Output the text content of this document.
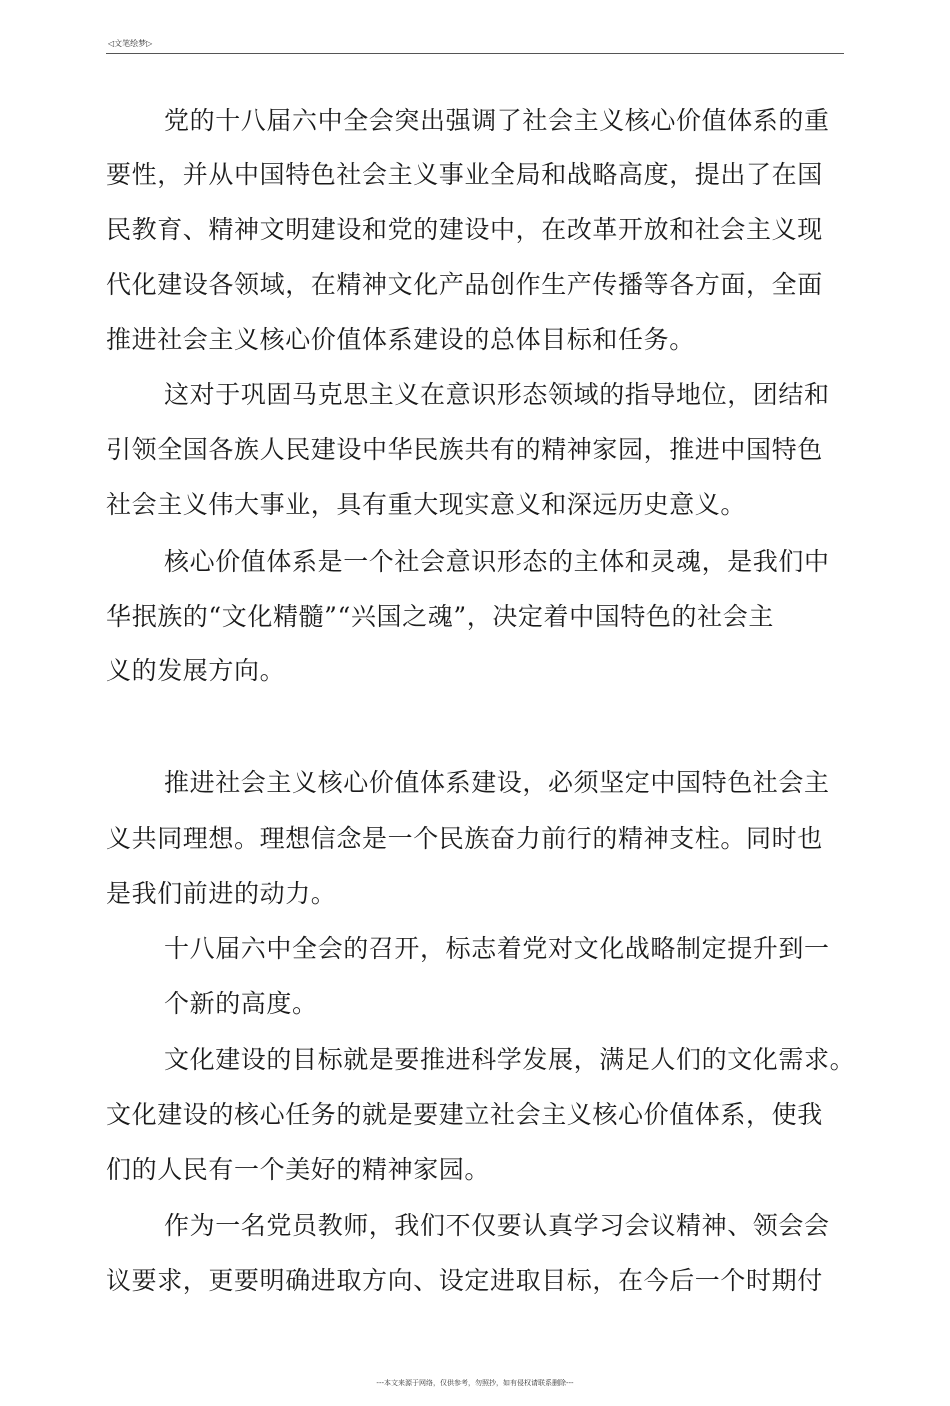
◁文笔绘梦▷
党的十八届六中全会突出强调了社会主义核心价值体系的重
要性，并从中国特色社会主义事业全局和战略高度，提出了在国
民教育、精神文明建设和党的建设中，在改革开放和社会主义现
代化建设各领域，在精神文化产品创作生产传播等各方面，全面
推进社会主义核心价值体系建设的总体目标和任务。
这对于巩固马克思主义在意识形态领域的指导地位，团结和
引领全国各族人民建设中华民族共有的精神家园，推进中国特色
社会主义伟大事业，具有重大现实意义和深远历史意义。
核心价值体系是一个社会意识形态的主体和灵魂，是我们中
华抿族的“文化精髓”“兴国之魂”，决定着中国特色的社会主
义的发展方向。
推进社会主义核心价值体系建设，必须坚定中国特色社会主
义共同理想。理想信念是一个民族奋力前行的精神支柱。同时也
是我们前进的动力。
十八届六中全会的召开，标志着党对文化战略制定提升到一
个新的高度。
文化建设的目标就是要推进科学发展，满足人们的文化需求。
文化建设的核心任务的就是要建立社会主义核心价值体系，使我
们的人民有一个美好的精神家园。
作为一名党员教师，我们不仅要认真学习会议精神、领会会
议要求，更要明确进取方向、设定进取目标，在今后一个时期付
---本文来源于网络，仅供参考，勿照抄，如有侵权请联系删除---
